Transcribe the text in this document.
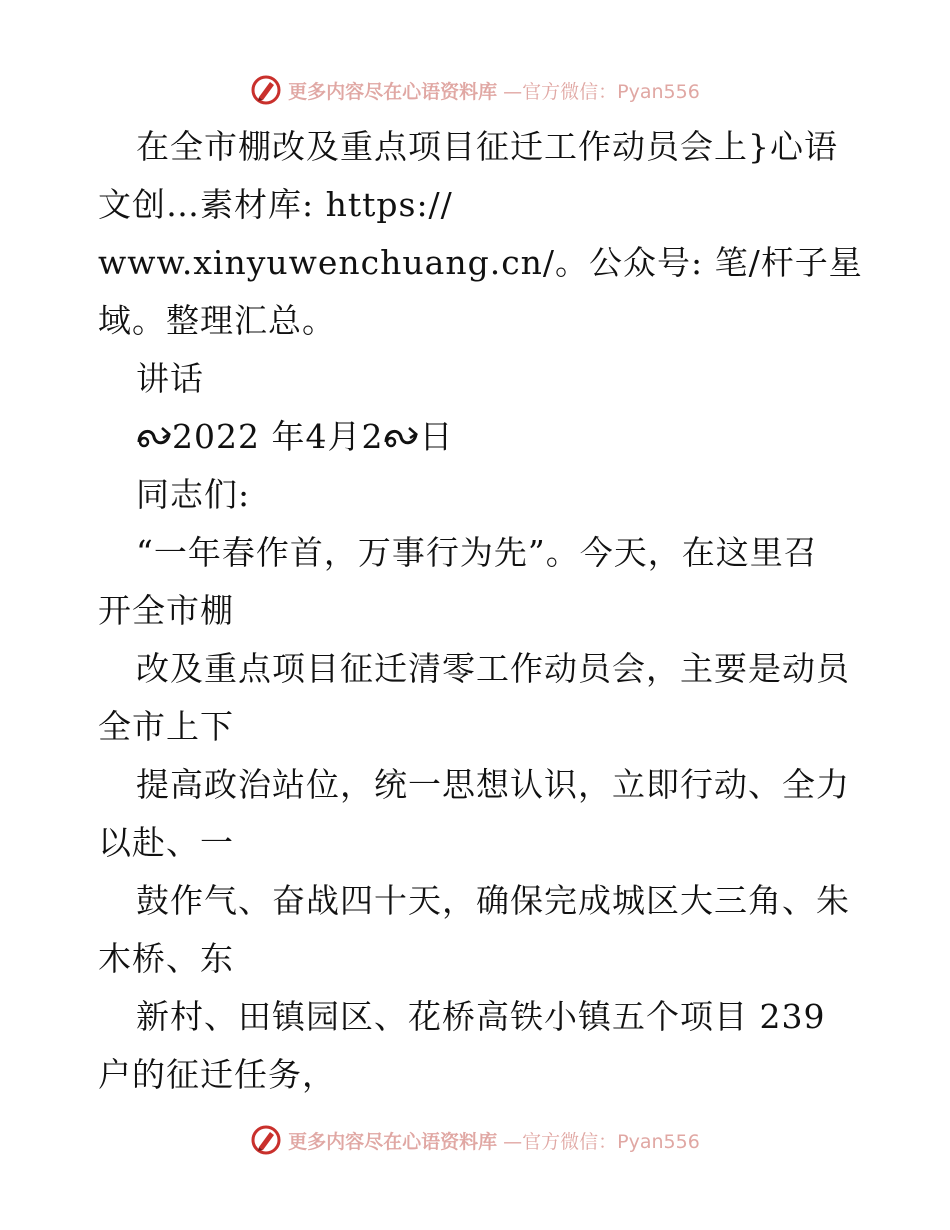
更多内容尽在心语资料库 —官方微信：Pyan556
在全市棚改及重点项目征迁工作动员会上}心语
文创…素材库: https://
www.xinyuwenchuang.cn/。公众号: 笔/杆子星
域。整理汇总。
讲话
2022 年4月2 日
同志们:
“一年春作首，万事行为先”。今天，在这里召
开全市棚
改及重点项目征迁清零工作动员会，主要是动员
全市上下
提高政治站位，统一思想认识，立即行动、全力
以赴、一
鼓作气、奋战四十天，确保完成城区大三角、朱
木桥、东
新村、田镇园区、花桥高铁小镇五个项目 239
户的征迁任务，
更多内容尽在心语资料库 —官方微信：Pyan556
